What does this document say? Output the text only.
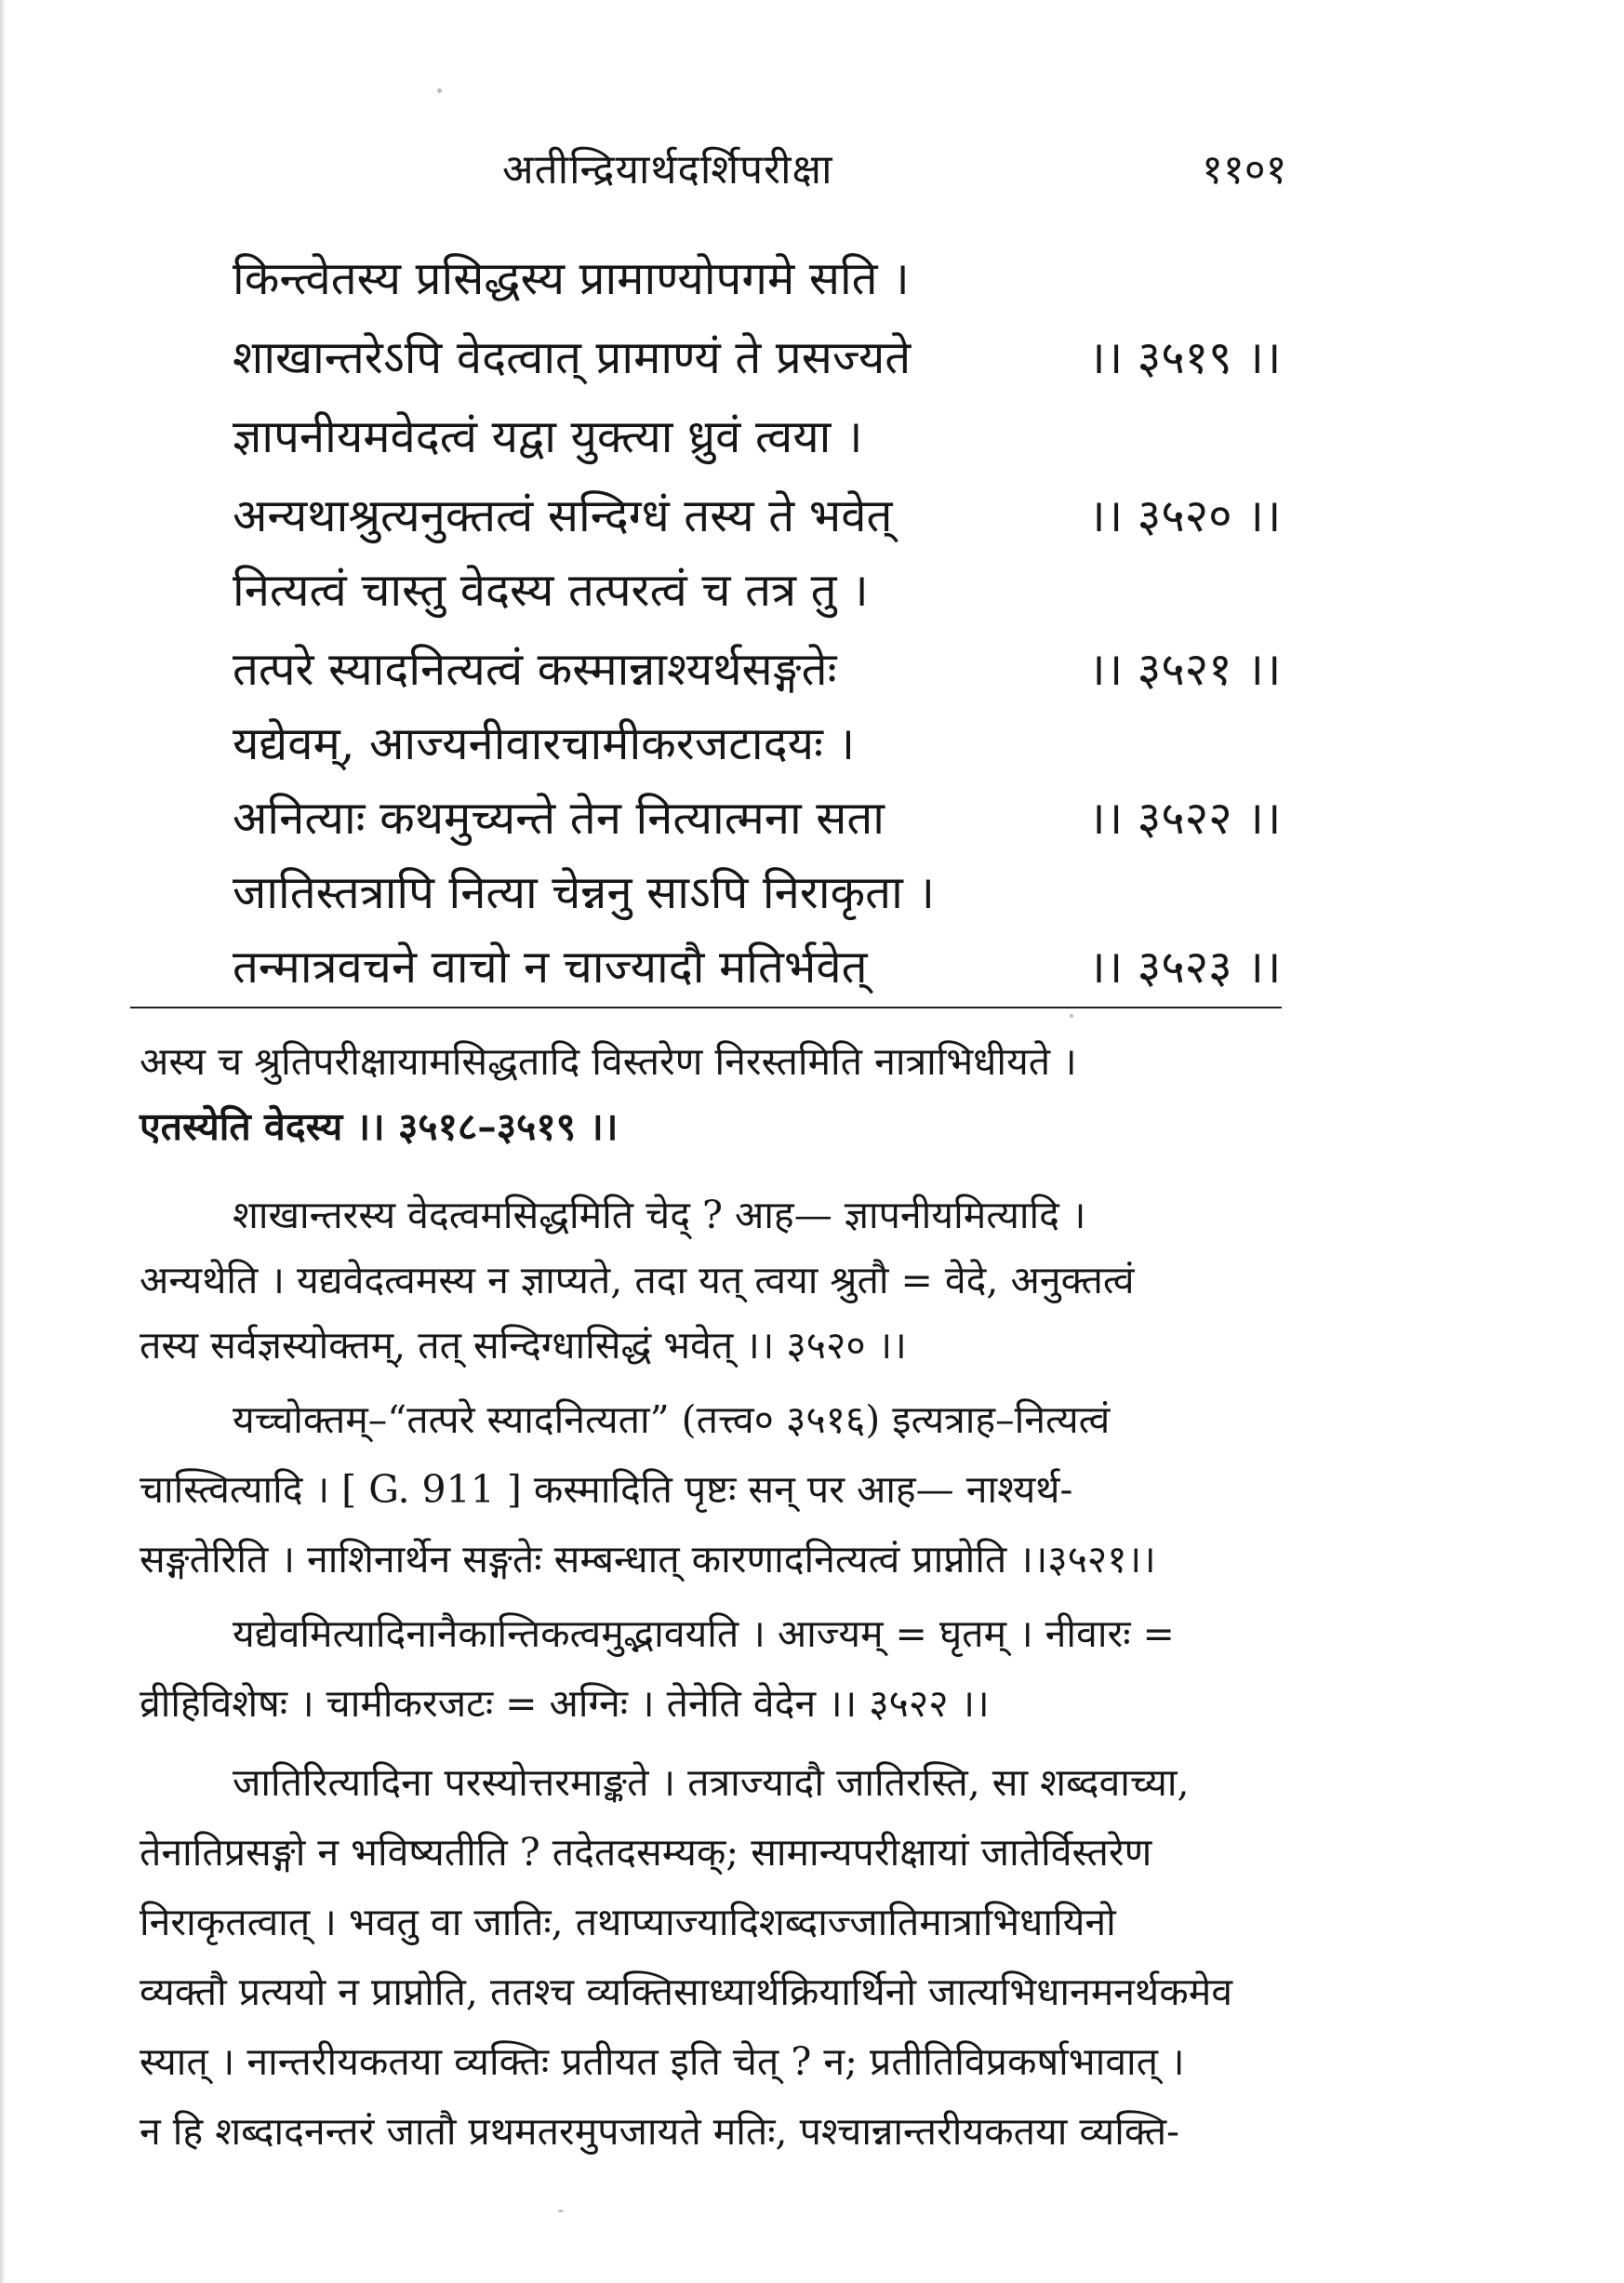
अतीन्द्रियार्थदर्शिपरीक्षा	११०१
किन्त्वेतस्य प्रसिद्धस्य प्रामाण्योपगमे सति ।
शाखान्तरेऽपि वेदत्वात् प्रामाण्यं ते प्रसज्यते	।। ३५१९ ।।
ज्ञापनीयमवेदत्वं यद्वा युक्त्या ध्रुवं त्वया ।
अन्यथाश्रुत्यनुक्तत्वं सन्दिग्धं तस्य ते भवेत्	।। ३५२० ।।
नित्यत्वं चास्तु वेदस्य तत्परत्वं च तत्र तु ।
तत्परे स्यादनित्यत्वं कस्मान्नाश्यर्थसङ्गतेः	।। ३५२१ ।।
यद्येवम्, आज्यनीवारचामीकरजटादयः ।
अनित्याः कथमुच्यन्ते तेन नित्यात्मना सता	।। ३५२२ ।।
जातिस्तत्रापि नित्या चेन्ननु साऽपि निराकृता ।
तन्मात्रवचने वाचो न चाज्यादौ मतिर्भवेत्	।। ३५२३ ।।
अस्य च श्रुतिपरीक्षायामसिद्धतादि विस्तरेण निरस्तमिति नात्राभिधीयते ।
एतस्येति वेदस्य ।। ३५१८–३५१९ ।।
शाखान्तरस्य वेदत्वमसिद्धमिति चेद् ? आह— ज्ञापनीयमित्यादि ।
अन्यथेति । यद्यवेदत्वमस्य न ज्ञाप्यते, तदा यत् त्वया श्रुतौ = वेदे, अनुक्तत्वं
तस्य सर्वज्ञस्योक्तम्, तत् सन्दिग्धासिद्धं भवेत् ।। ३५२० ।।
यच्चोक्तम्–“तत्परे स्यादनित्यता” (तत्त्व० ३५१६) इत्यत्राह–नित्यत्वं
चास्त्वित्यादि । [ G. 911 ] कस्मादिति पृष्टः सन् पर आह— नाश्यर्थ-
सङ्गतेरिति । नाशिनार्थेन सङ्गतेः सम्बन्धात् कारणादनित्यत्वं प्राप्नोति ।।३५२१।।
यद्येवमित्यादिनानैकान्तिकत्वमुद्भावयति । आज्यम् = घृतम् । नीवारः =
व्रीहिविशेषः । चामीकरजटः = अग्निः । तेनेति वेदेन ।। ३५२२ ।।
जातिरित्यादिना परस्योत्तरमाङ्कते । तत्राज्यादौ जातिरस्ति, सा शब्दवाच्या,
तेनातिप्रसङ्गो न भविष्यतीति ? तदेतदसम्यक्; सामान्यपरीक्षायां जातेर्विस्तरेण
निराकृतत्वात् । भवतु वा जातिः, तथाप्याज्यादिशब्दाज्जातिमात्राभिधायिनो
व्यक्तौ प्रत्ययो न प्राप्नोति, ततश्च व्यक्तिसाध्यार्थक्रियार्थिनो जात्यभिधानमनर्थकमेव
स्यात् । नान्तरीयकतया व्यक्तिः प्रतीयत इति चेत् ? न; प्रतीतिविप्रकर्षाभावात् ।
न हि शब्दादनन्तरं जातौ प्रथमतरमुपजायते मतिः, पश्चान्नान्तरीयकतया व्यक्ति-
